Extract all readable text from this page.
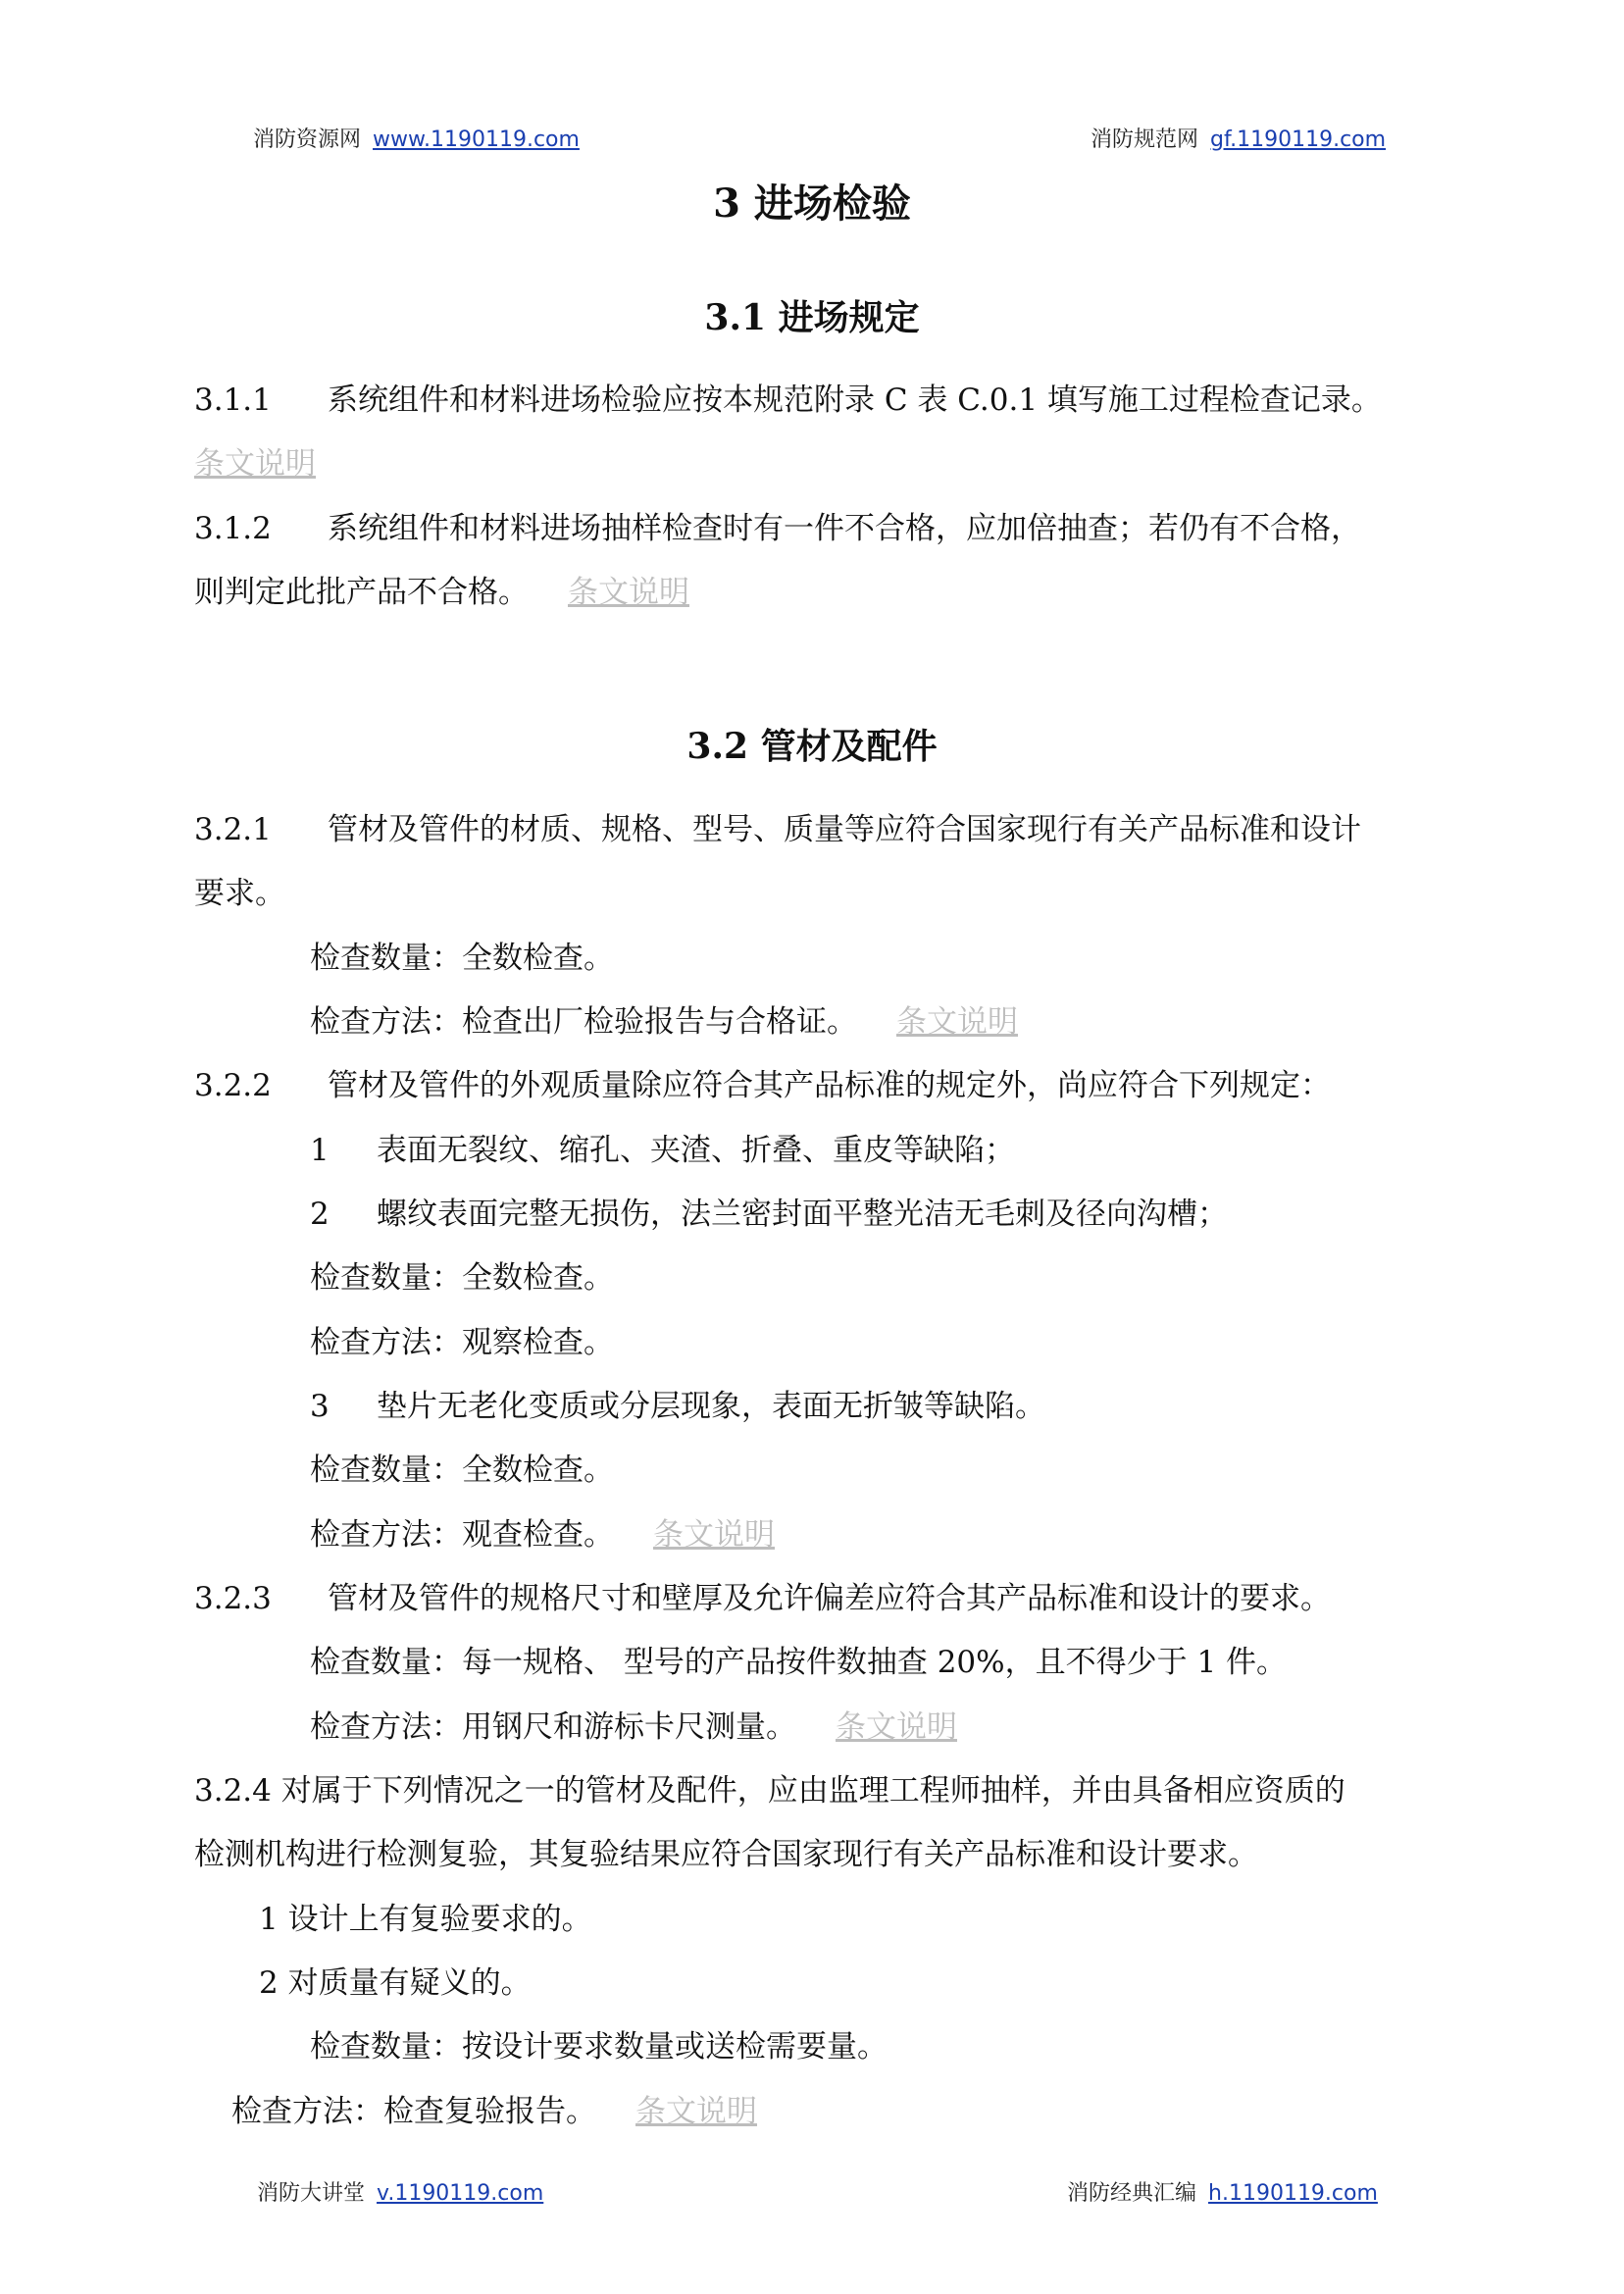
消防资源网 www.1190119.com	消防规范网 gf.1190119.com
3 进场检验
3.1 进场规定
3.1.1 系统组件和材料进场检验应按本规范附录 C 表 C.0.1 填写施工过程检查记录。
条文说明
3.1.2 系统组件和材料进场抽样检查时有一件不合格，应加倍抽查；若仍有不合格，
则判定此批产品不合格。 条文说明
3.2 管材及配件
3.2.1 管材及管件的材质、规格、型号、质量等应符合国家现行有关产品标准和设计
要求。
检查数量：全数检查。
检查方法：检查出厂检验报告与合格证。 条文说明
3.2.2 管材及管件的外观质量除应符合其产品标准的规定外，尚应符合下列规定：
1 表面无裂纹、缩孔、夹渣、折叠、重皮等缺陷；
2 螺纹表面完整无损伤，法兰密封面平整光洁无毛刺及径向沟槽；
检查数量：全数检查。
检查方法：观察检查。
3 垫片无老化变质或分层现象，表面无折皱等缺陷。
检查数量：全数检查。
检查方法：观查检查。 条文说明
3.2.3 管材及管件的规格尺寸和壁厚及允许偏差应符合其产品标准和设计的要求。
检查数量：每一规格、 型号的产品按件数抽查 20%，且不得少于 1 件。
检查方法：用钢尺和游标卡尺测量。 条文说明
3.2.4 对属于下列情况之一的管材及配件，应由监理工程师抽样，并由具备相应资质的
检测机构进行检测复验，其复验结果应符合国家现行有关产品标准和设计要求。
1 设计上有复验要求的。
2 对质量有疑义的。
检查数量：按设计要求数量或送检需要量。
检查方法：检查复验报告。 条文说明
消防大讲堂 v.1190119.com	消防经典汇编 h.1190119.com
